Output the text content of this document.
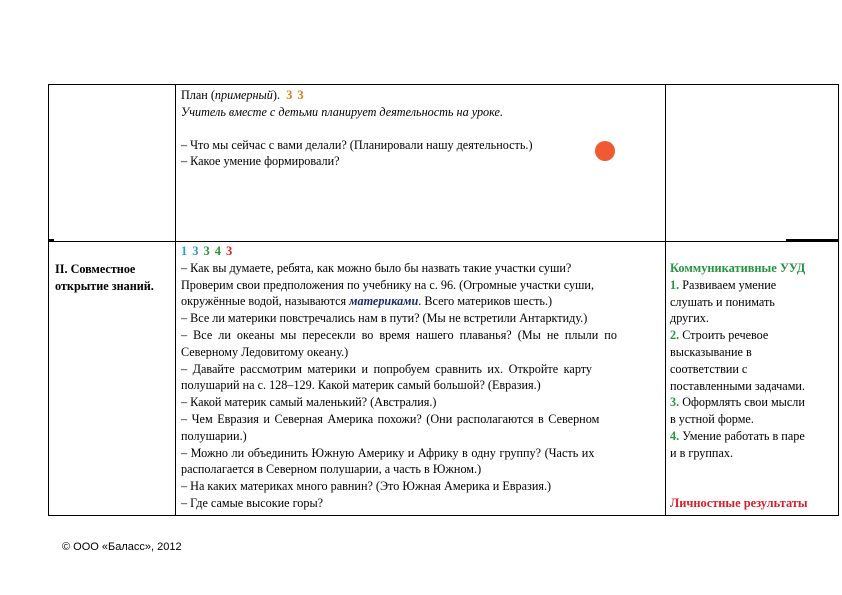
План (примерный). 3 3
Учитель вместе с детьми планирует деятельность на уроке.
– Что мы сейчас с вами делали? (Планировали нашу деятельность.)
– Какое умение формировали?
II. Совместное
открытие знаний.
1 3 3 4 3
– Как вы думаете, ребята, как можно было бы назвать такие участки суши?
Проверим свои предположения по учебнику на с. 96. (Огромные участки суши,
окружённые водой, называются материками. Всего материков шесть.)
– Все ли материки повстречались нам в пути? (Мы не встретили Антарктиду.)
– Все ли океаны мы пересекли во время нашего плаванья? (Мы не плыли по
Северному Ледовитому океану.)
– Давайте рассмотрим материки и попробуем сравнить их. Откройте карту
полушарий на с. 128–129. Какой материк самый большой? (Евразия.)
– Какой материк самый маленький? (Австралия.)
– Чем Евразия и Северная Америка похожи? (Они располагаются в Северном
полушарии.)
– Можно ли объединить Южную Америку и Африку в одну группу? (Часть их
располагается в Северном полушарии, а часть в Южном.)
– На каких материках много равнин? (Это Южная Америка и Евразия.)
– Где самые высокие горы?
Коммуникативные УУД
1. Развиваем умение
слушать и понимать
других.
2. Строить речевое
высказывание в
соответствии с
поставленными задачами.
3. Оформлять свои мысли
в устной форме.
4. Умение работать в паре
и в группах.
Личностные результаты
© ООО «Баласс», 2012
